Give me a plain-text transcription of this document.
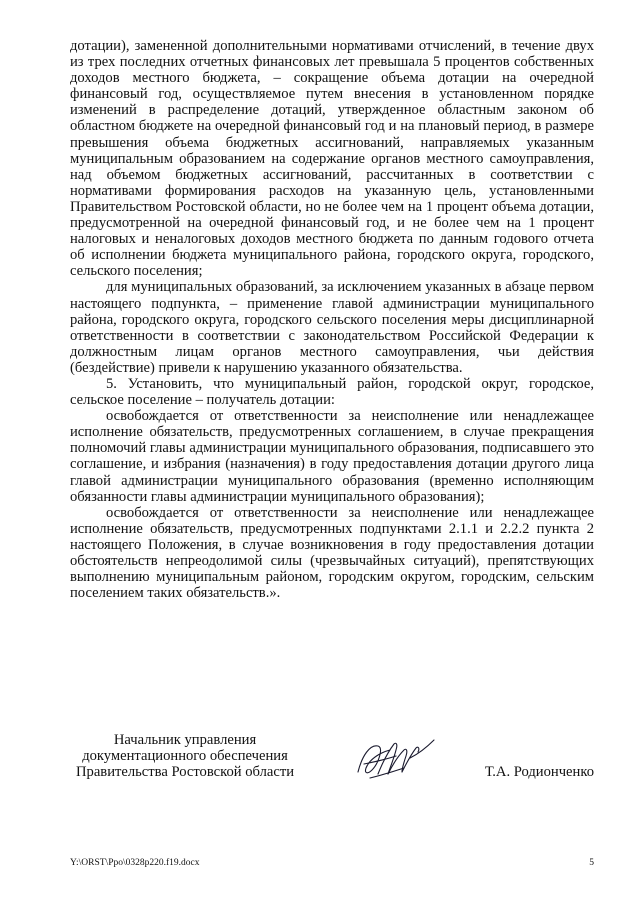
дотации), замененной дополнительными нормативами отчислений, в течение двух из трех последних отчетных финансовых лет превышала 5 процентов собственных доходов местного бюджета, – сокращение объема дотации на очередной финансовый год, осуществляемое путем внесения в установленном порядке изменений в распределение дотаций, утвержденное областным законом об областном бюджете на очередной финансовый год и на плановый период, в размере превышения объема бюджетных ассигнований, направляемых указанным муниципальным образованием на содержание органов местного самоуправления, над объемом бюджетных ассигнований, рассчитанных в соответствии с нормативами формирования расходов на указанную цель, установленными Правительством Ростовской области, но не более чем на 1 процент объема дотации, предусмотренной на очередной финансовый год, и не более чем на 1 процент налоговых и неналоговых доходов местного бюджета по данным годового отчета об исполнении бюджета муниципального района, городского округа, городского, сельского поселения;

для муниципальных образований, за исключением указанных в абзаце первом настоящего подпункта, – применение главой администрации муниципального района, городского округа, городского сельского поселения меры дисциплинарной ответственности в соответствии с законодательством Российской Федерации к должностным лицам органов местного самоуправления, чьи действия (бездействие) привели к нарушению указанного обязательства.

5. Установить, что муниципальный район, городской округ, городское, сельское поселение – получатель дотации:

освобождается от ответственности за неисполнение или ненадлежащее исполнение обязательств, предусмотренных соглашением, в случае прекращения полномочий главы администрации муниципального образования, подписавшего это соглашение, и избрания (назначения) в году предоставления дотации другого лица главой администрации муниципального образования (временно исполняющим обязанности главы администрации муниципального образования);

освобождается от ответственности за неисполнение или ненадлежащее исполнение обязательств, предусмотренных подпунктами 2.1.1 и 2.2.2 пункта 2 настоящего Положения, в случае возникновения в году предоставления дотации обстоятельств непреодолимой силы (чрезвычайных ситуаций), препятствующих выполнению муниципальным районом, городским округом, городским, сельским поселением таких обязательств.».

Начальник управления
документационного обеспечения
Правительства Ростовской области	Т.А. Родионченко
Y:\ORST\Ppo\0328p220.f19.docx	5
